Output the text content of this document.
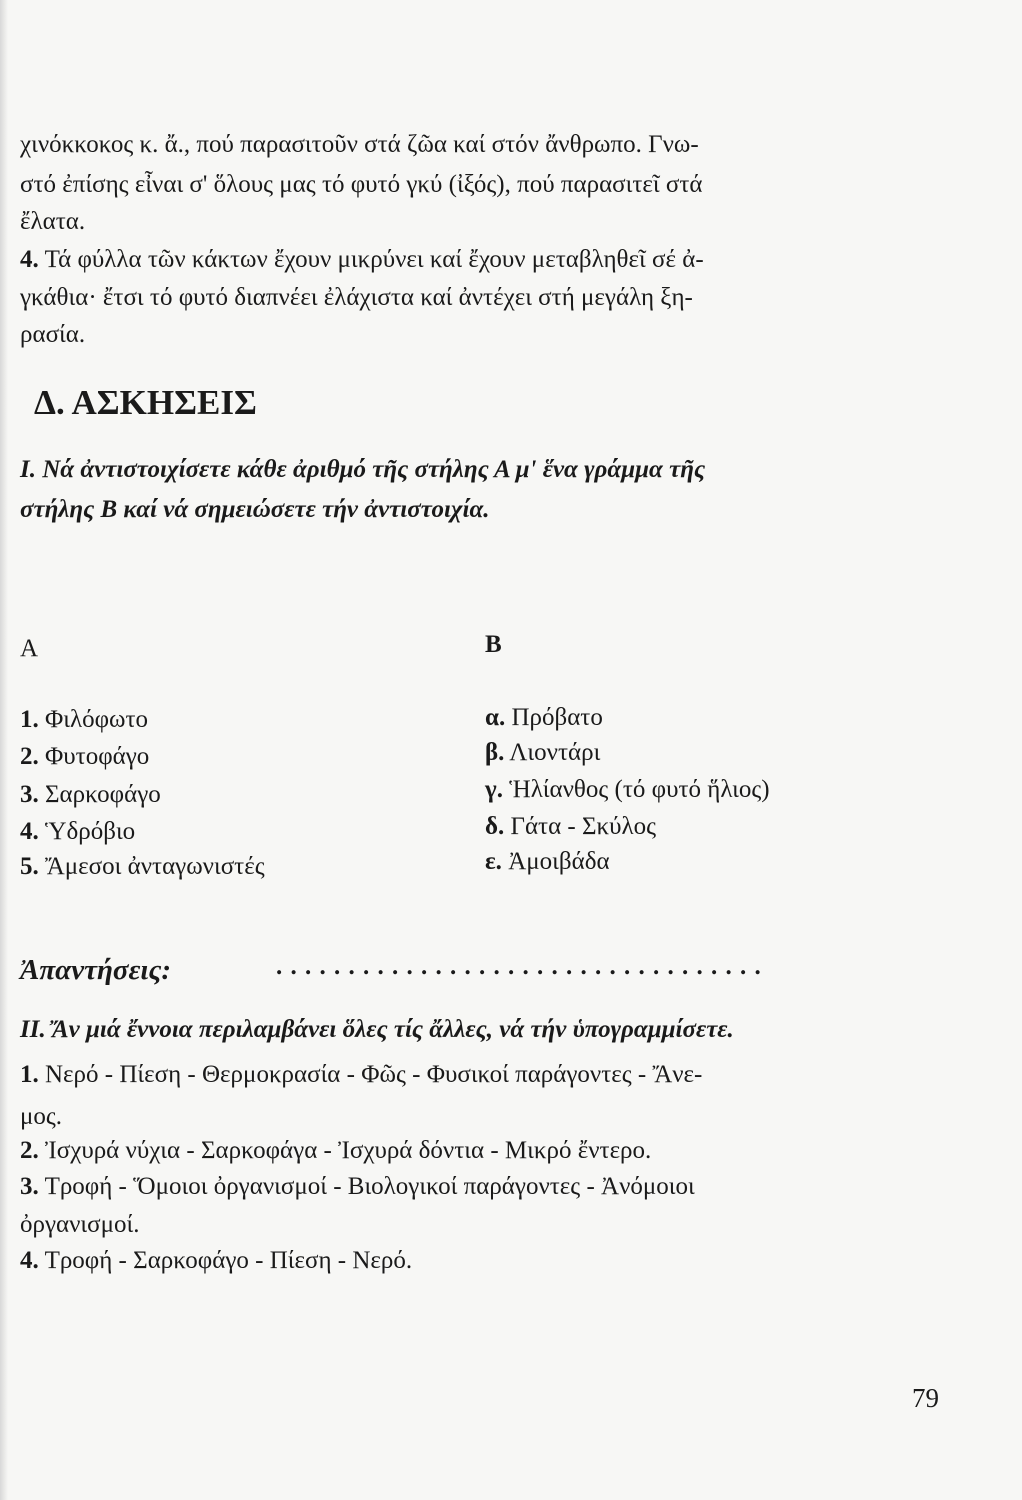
χινόκκοκος κ. ἄ., πού παρασιτοῦν στά ζῶα καί στόν ἄνθρωπο. Γνω-
στό ἐπίσης εἶναι σ' ὅλους μας τό φυτό γκύ (ἰξός), πού παρασιτεῖ στά
ἔλατα.
4. Τά φύλλα τῶν κάκτων ἔχουν μικρύνει καί ἔχουν μεταβληθεῖ σέ ἀ-
γκάθια· ἔτσι τό φυτό διαπνέει ἐλάχιστα καί ἀντέχει στή μεγάλη ξη-
ρασία.
Δ. ΑΣΚΗΣΕΙΣ
I. Νά ἀντιστοιχίσετε κάθε ἀριθμό τῆς στήλης Α μ' ἕνα γράμμα τῆς
στήλης Β καί νά σημειώσετε τήν ἀντιστοιχία.
Α	Β
1. Φιλόφωτο
2. Φυτοφάγο
3. Σαρκοφάγο
4. Ὑδρόβιο
5. Ἄμεσοι ἀνταγωνιστές
α. Πρόβατο
β. Λιοντάρι
γ. Ἡλίανθος (τό φυτό ἥλιος)
δ. Γάτα - Σκύλος
ε. Ἀμοιβάδα
Ἀπαντήσεις:	. . . . . . . . . . . . . . . . . . . . . . . . . . . . . . . . . .
II. Ἄν μιά ἔννοια περιλαμβάνει ὅλες τίς ἄλλες, νά τήν ὑπογραμμίσετε.
1. Νερό - Πίεση - Θερμοκρασία - Φῶς - Φυσικοί παράγοντες - Ἄνε-
μος.
2. Ἰσχυρά νύχια - Σαρκοφάγα - Ἰσχυρά δόντια - Μικρό ἔντερο.
3. Τροφή - Ὅμοιοι ὀργανισμοί - Βιολογικοί παράγοντες - Ἀνόμοιοι
ὀργανισμοί.
4. Τροφή - Σαρκοφάγο - Πίεση - Νερό.
79
